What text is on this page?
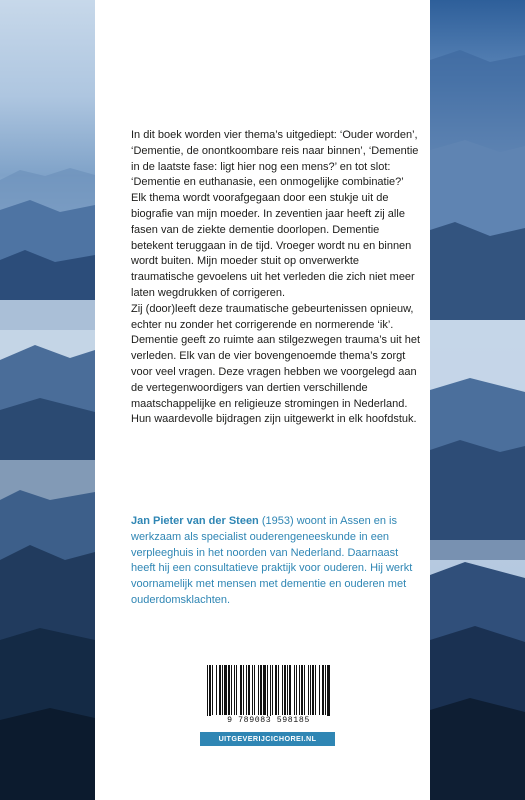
In dit boek worden vier thema’s uitgediept: ‘Ouder worden’, ‘Dementie, de onontkoombare reis naar binnen’, ‘Dementie in de laatste fase: ligt hier nog een mens?’ en tot slot: ‘Dementie en euthanasie, een onmogelijke combinatie?’

Elk thema wordt voorafgegaan door een stukje uit de biografie van mijn moeder. In zeventien jaar heeft zij alle fasen van de ziekte dementie doorlopen. Dementie betekent teruggaan in de tijd. Vroeger wordt nu en binnen wordt buiten. Mijn moeder stuit op onverwerkte traumatische gevoelens uit het verleden die zich niet meer laten wegdrukken of corrigeren.

Zij (door)leeft deze traumatische gebeurtenissen opnieuw, echter nu zonder het corrigerende en normerende ‘ik’. Dementie geeft zo ruimte aan stilgezwegen trauma’s uit het verleden. Elk van de vier bovengenoemde thema’s zorgt voor veel vragen. Deze vragen hebben we voorgelegd aan de vertegenwoordigers van dertien verschillende maatschappelijke en religieuze stromingen in Nederland. Hun waardevolle bijdragen zijn uitgewerkt in elk hoofdstuk.

Jan Pieter van der Steen (1953) woont in Assen en is werkzaam als specialist ouderengeneeskunde in een verpleeghuis in het noorden van Nederland. Daarnaast heeft hij een consultatieve praktijk voor ouderen. Hij werkt voornamelijk met mensen met dementie en ouderen met ouderdomsklachten.

9 789083 598185
UITGEVERIJCICHOREI.NL
